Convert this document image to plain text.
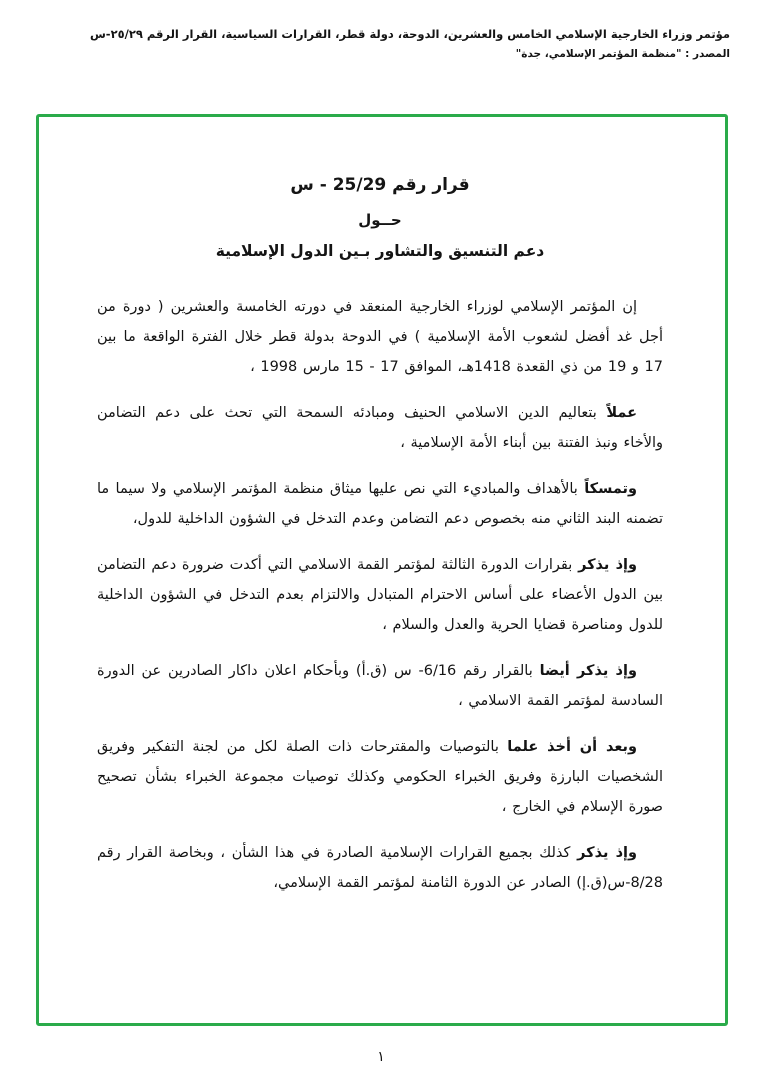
مؤتمر وزراء الخارجية الإسلامي الخامس والعشرين، الدوحة، دولة قطر، القرارات السياسية، القرار الرقم ٢٥/٢٩-س
المصدر : "منظمة المؤتمر الإسلامي، جدة"
قرار رقم 25/29 - س
حــول
دعم التنسيق والتشاور بـين الدول الإسلامية

إن المؤتمر الإسلامي لوزراء الخارجية المنعقد في دورته الخامسة والعشرين ( دورة من أجل غد أفضل لشعوب الأمة الإسلامية ) في الدوحة بدولة قطر خلال الفترة الواقعة ما بين 17 و 19 من ذي القعدة 1418هـ، الموافق 15‎ - ‎17 مارس 1998 ،

عملاً بتعاليم الدين الاسلامي الحنيف ومبادئه السمحة التي تحث على دعم التضامن والأخاء ونبذ الفتنة بين أبناء الأمة الإسلامية ،

وتمسكاً بالأهداف والمباديء التي نص عليها ميثاق منظمة المؤتمر الإسلامي ولا سيما ما تضمنه البند الثاني منه بخصوص دعم التضامن وعدم التدخل في الشؤون الداخلية للدول،

وإذ يذكر بقرارات الدورة الثالثة لمؤتمر القمة الاسلامي التي أكدت ضرورة دعم التضامن بين الدول الأعضاء على أساس الاحترام المتبادل والالتزام بعدم التدخل في الشؤون الداخلية للدول ومناصرة قضايا الحرية والعدل والسلام ،

وإذ يذكر أيضا بالقرار رقم 6/16- س (ق.أ) وبأحكام اعلان داكار الصادرين عن الدورة السادسة لمؤتمر القمة الاسلامي ،

وبعد أن أخذ علما بالتوصيات والمقترحات ذات الصلة لكل من لجنة التفكير وفريق الشخصيات البارزة وفريق الخبراء الحكومي وكذلك توصيات مجموعة الخبراء بشأن تصحيح صورة الإسلام في الخارج ،

وإذ يذكر كذلك بجميع القرارات الإسلامية الصادرة في هذا الشأن ، وبخاصة القرار رقم 8/28-س(ق.إ) الصادر عن الدورة الثامنة لمؤتمر القمة الإسلامي،

١
